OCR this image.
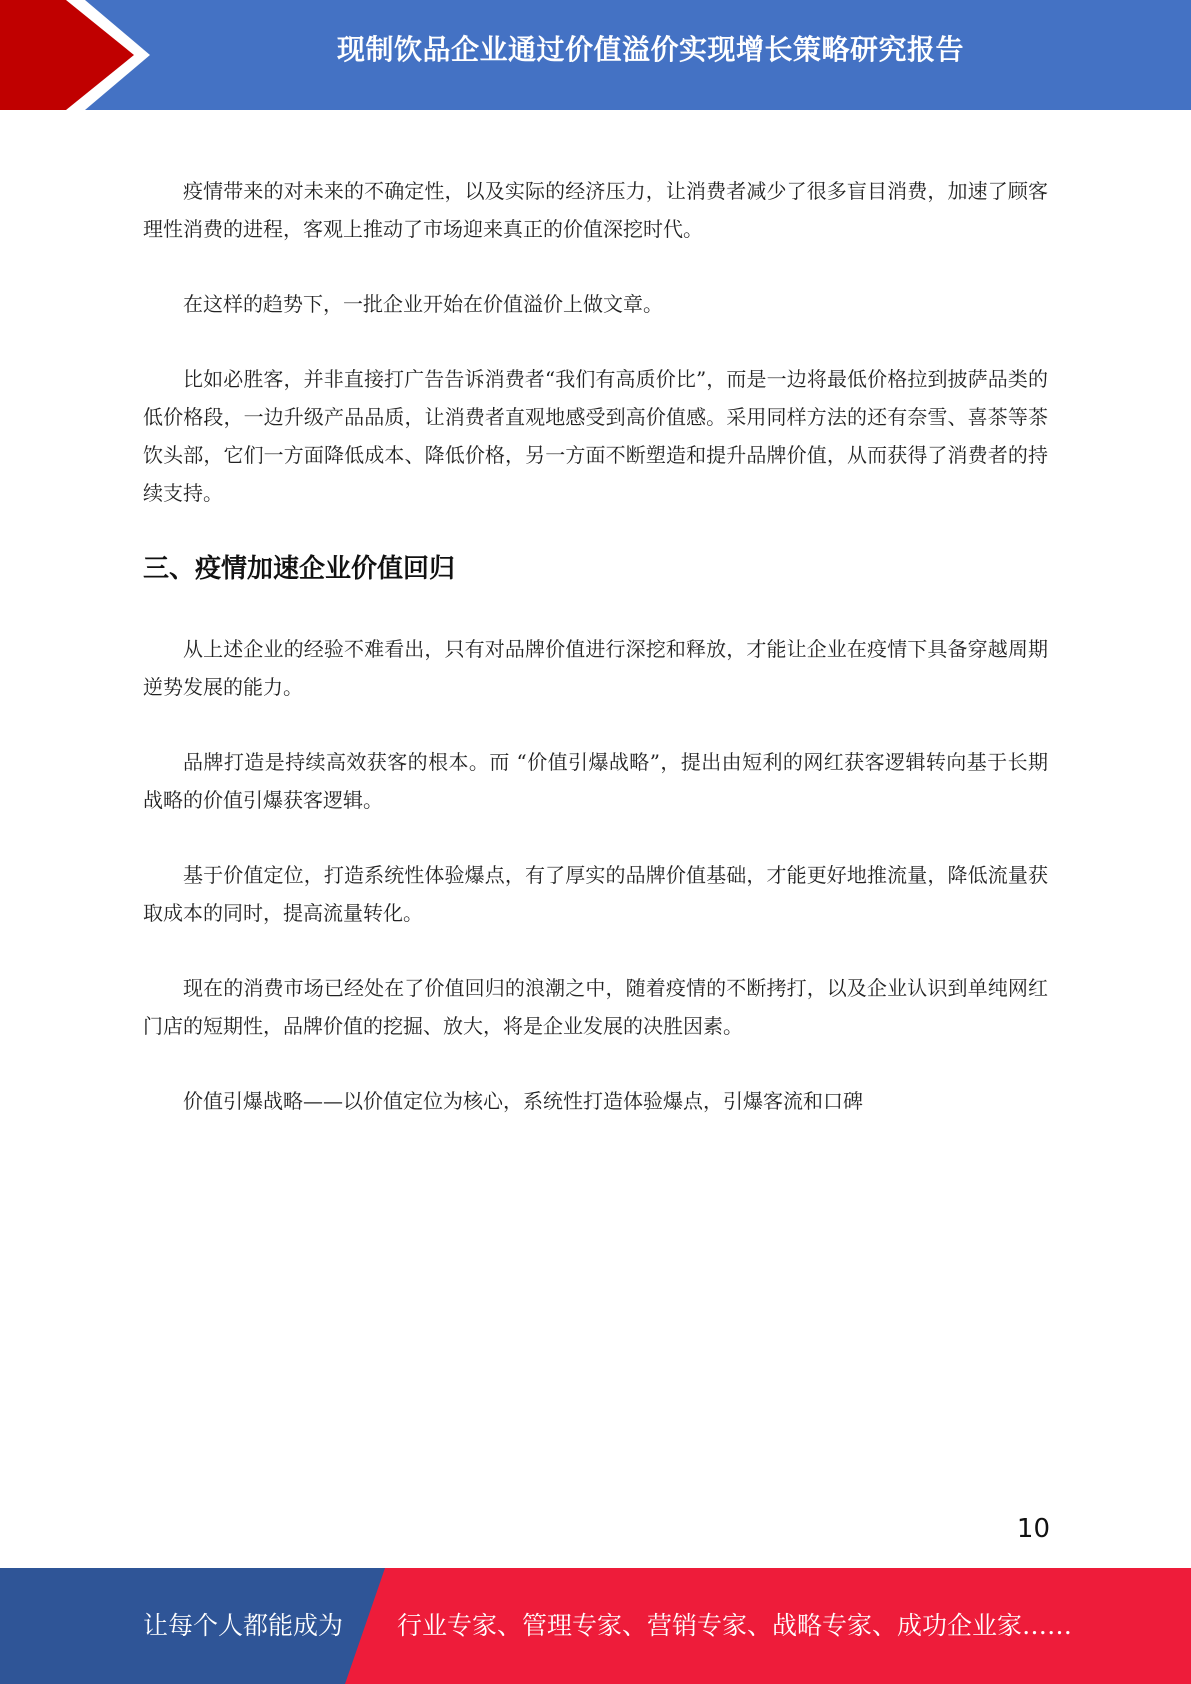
现制饮品企业通过价值溢价实现增长策略研究报告

疫情带来的对未来的不确定性，以及实际的经济压力，让消费者减少了很多盲目消费，加速了顾客理性消费的进程，客观上推动了市场迎来真正的价值深挖时代。

在这样的趋势下，一批企业开始在价值溢价上做文章。

比如必胜客，并非直接打广告告诉消费者“我们有高质价比”，而是一边将最低价格拉到披萨品类的低价格段，一边升级产品品质，让消费者直观地感受到高价值感。采用同样方法的还有奈雪、喜茶等茶饮头部，它们一方面降低成本、降低价格，另一方面不断塑造和提升品牌价值，从而获得了消费者的持续支持。

三、疫情加速企业价值回归

从上述企业的经验不难看出，只有对品牌价值进行深挖和释放，才能让企业在疫情下具备穿越周期逆势发展的能力。

品牌打造是持续高效获客的根本。而 “价值引爆战略”，提出由短利的网红获客逻辑转向基于长期战略的价值引爆获客逻辑。

基于价值定位，打造系统性体验爆点，有了厚实的品牌价值基础，才能更好地推流量，降低流量获取成本的同时，提高流量转化。

现在的消费市场已经处在了价值回归的浪潮之中，随着疫情的不断拷打，以及企业认识到单纯网红门店的短期性，品牌价值的挖掘、放大，将是企业发展的决胜因素。

价值引爆战略——以价值定位为核心，系统性打造体验爆点，引爆客流和口碑

10
让每个人都能成为 行业专家、管理专家、营销专家、战略专家、成功企业家……
